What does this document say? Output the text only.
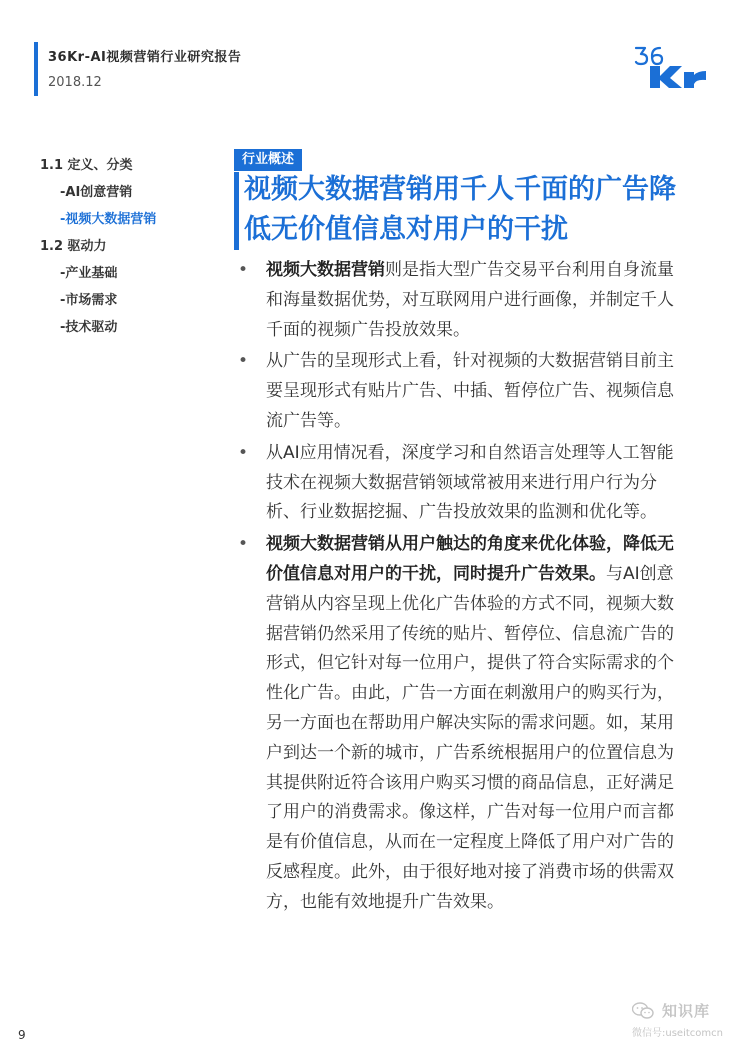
36Kr-AI视频营销行业研究报告
2018.12
1.1 定义、分类
-AI创意营销
-视频大数据营销
1.2 驱动力
-产业基础
-市场需求
-技术驱动
行业概述
视频大数据营销用千人千面的广告降低无价值信息对用户的干扰
• 视频大数据营销则是指大型广告交易平台利用自身流量和海量数据优势，对互联网用户进行画像，并制定千人千面的视频广告投放效果。
• 从广告的呈现形式上看，针对视频的大数据营销目前主要呈现形式有贴片广告、中插、暂停位广告、视频信息流广告等。
• 从AI应用情况看，深度学习和自然语言处理等人工智能技术在视频大数据营销领域常被用来进行用户行为分析、行业数据挖掘、广告投放效果的监测和优化等。
• 视频大数据营销从用户触达的角度来优化体验，降低无价值信息对用户的干扰，同时提升广告效果。与AI创意营销从内容呈现上优化广告体验的方式不同，视频大数据营销仍然采用了传统的贴片、暂停位、信息流广告的形式，但它针对每一位用户，提供了符合实际需求的个性化广告。由此，广告一方面在刺激用户的购买行为，另一方面也在帮助用户解决实际的需求问题。如，某用户到达一个新的城市，广告系统根据用户的位置信息为其提供附近符合该用户购买习惯的商品信息，正好满足了用户的消费需求。像这样，广告对每一位用户而言都是有价值信息，从而在一定程度上降低了用户对广告的反感程度。此外，由于很好地对接了消费市场的供需双方，也能有效地提升广告效果。
9
知识库
微信号:useitcomcn
